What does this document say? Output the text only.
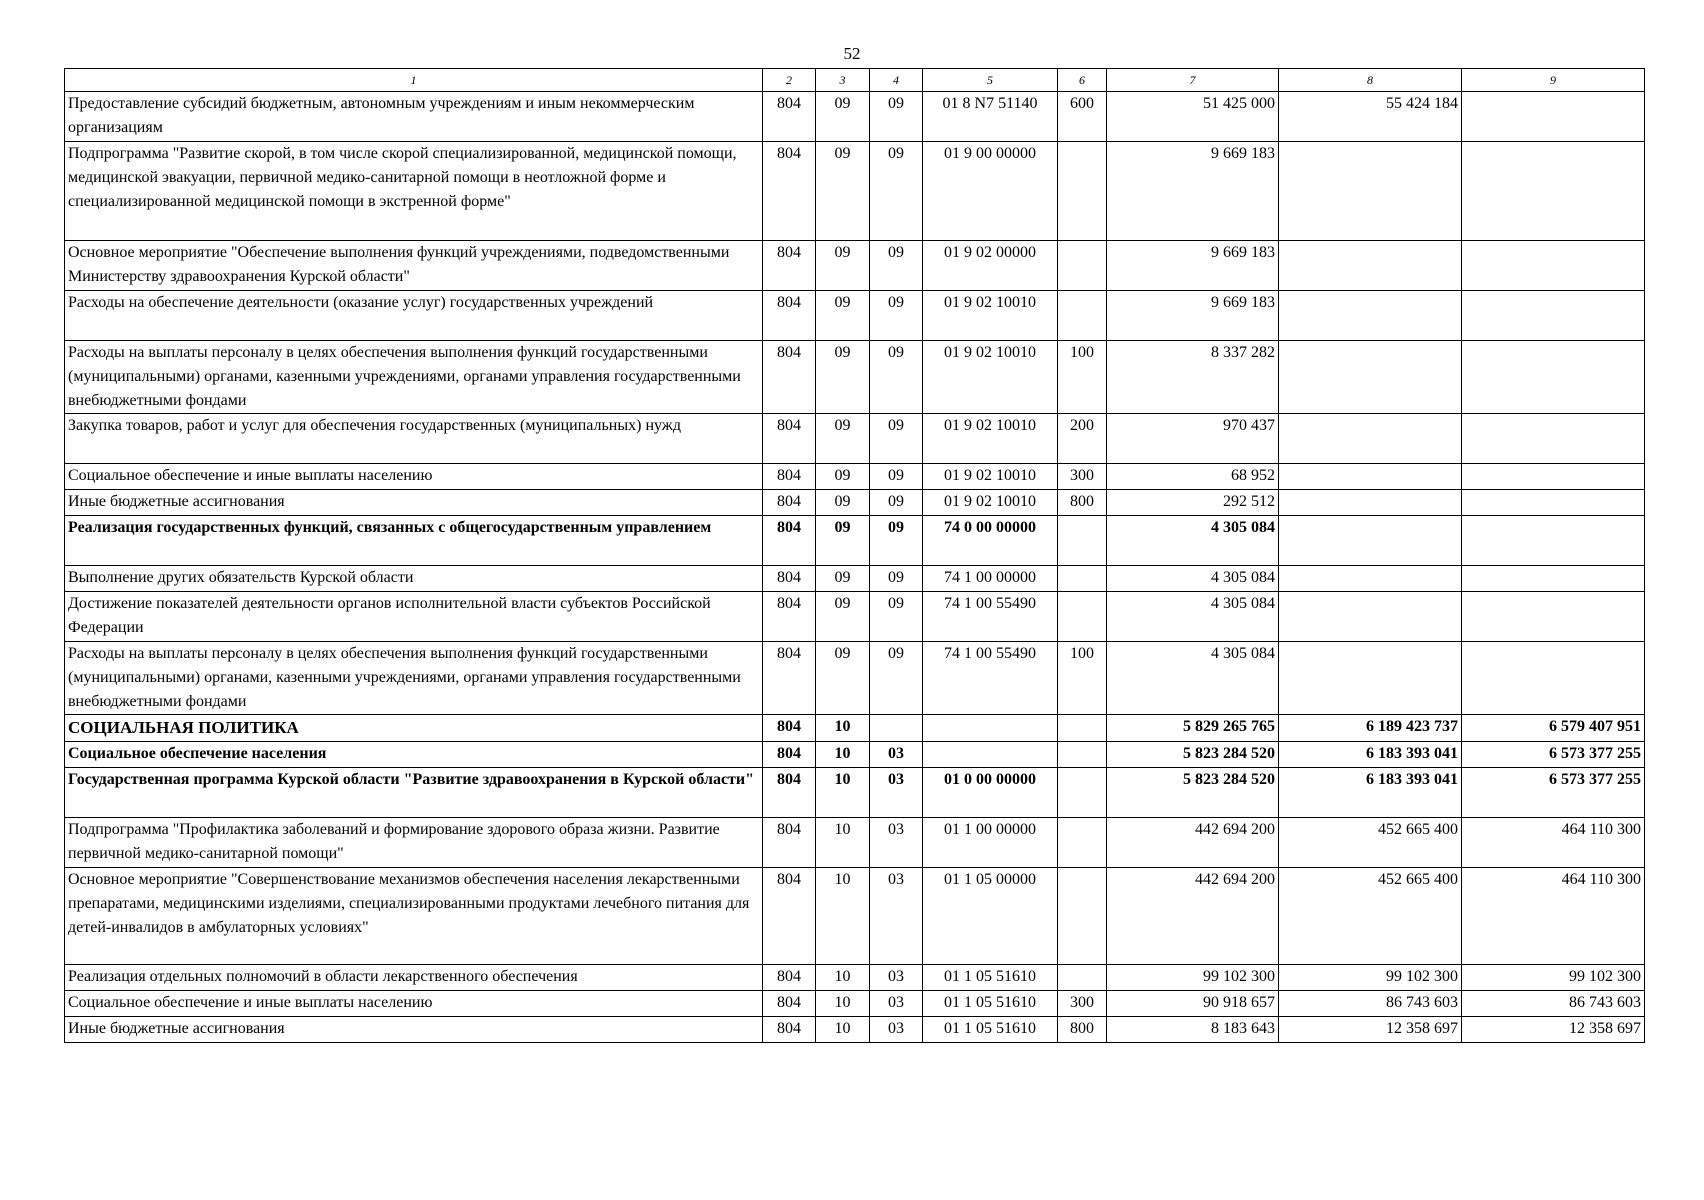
52
1	2	3	4	5	6	7	8	9
Предоставление субсидий бюджетным, автономным учреждениям и иным некоммерческим организациям	804	09	09	01 8 N7 51140	600	51 425 000	55 424 184	
Подпрограмма "Развитие скорой, в том числе скорой специализированной, медицинской помощи, медицинской эвакуации, первичной медико-санитарной помощи в неотложной форме и специализированной медицинской помощи в экстренной форме"	804	09	09	01 9 00 00000		9 669 183		
Основное мероприятие "Обеспечение выполнения функций учреждениями, подведомственными Министерству здравоохранения Курской области"	804	09	09	01 9 02 00000		9 669 183		
Расходы на обеспечение деятельности (оказание услуг) государственных учреждений	804	09	09	01 9 02 10010		9 669 183		
Расходы на выплаты персоналу в целях обеспечения выполнения функций государственными (муниципальными) органами, казенными учреждениями, органами управления государственными внебюджетными фондами	804	09	09	01 9 02 10010	100	8 337 282		
Закупка товаров, работ и услуг для обеспечения государственных (муниципальных) нужд	804	09	09	01 9 02 10010	200	970 437		
Социальное обеспечение и иные выплаты населению	804	09	09	01 9 02 10010	300	68 952		
Иные бюджетные ассигнования	804	09	09	01 9 02 10010	800	292 512		
Реализация государственных функций, связанных с общегосударственным управлением	804	09	09	74 0 00 00000		4 305 084		
Выполнение других обязательств Курской области	804	09	09	74 1 00 00000		4 305 084		
Достижение показателей деятельности органов исполнительной власти субъектов Российской Федерации	804	09	09	74 1 00 55490		4 305 084		
Расходы на выплаты персоналу в целях обеспечения выполнения функций государственными (муниципальными) органами, казенными учреждениями, органами управления государственными внебюджетными фондами	804	09	09	74 1 00 55490	100	4 305 084		
СОЦИАЛЬНАЯ ПОЛИТИКА	804	10				5 829 265 765	6 189 423 737	6 579 407 951
Социальное обеспечение населения	804	10	03			5 823 284 520	6 183 393 041	6 573 377 255
Государственная программа Курской области "Развитие здравоохранения в Курской области"	804	10	03	01 0 00 00000		5 823 284 520	6 183 393 041	6 573 377 255
Подпрограмма "Профилактика заболеваний и формирование здорового образа жизни. Развитие первичной медико-санитарной помощи"	804	10	03	01 1 00 00000		442 694 200	452 665 400	464 110 300
Основное мероприятие "Совершенствование механизмов обеспечения населения лекарственными препаратами, медицинскими изделиями, специализированными продуктами лечебного питания для детей-инвалидов в амбулаторных условиях"	804	10	03	01 1 05 00000		442 694 200	452 665 400	464 110 300
Реализация отдельных полномочий в области лекарственного обеспечения	804	10	03	01 1 05 51610		99 102 300	99 102 300	99 102 300
Социальное обеспечение и иные выплаты населению	804	10	03	01 1 05 51610	300	90 918 657	86 743 603	86 743 603
Иные бюджетные ассигнования	804	10	03	01 1 05 51610	800	8 183 643	12 358 697	12 358 697
